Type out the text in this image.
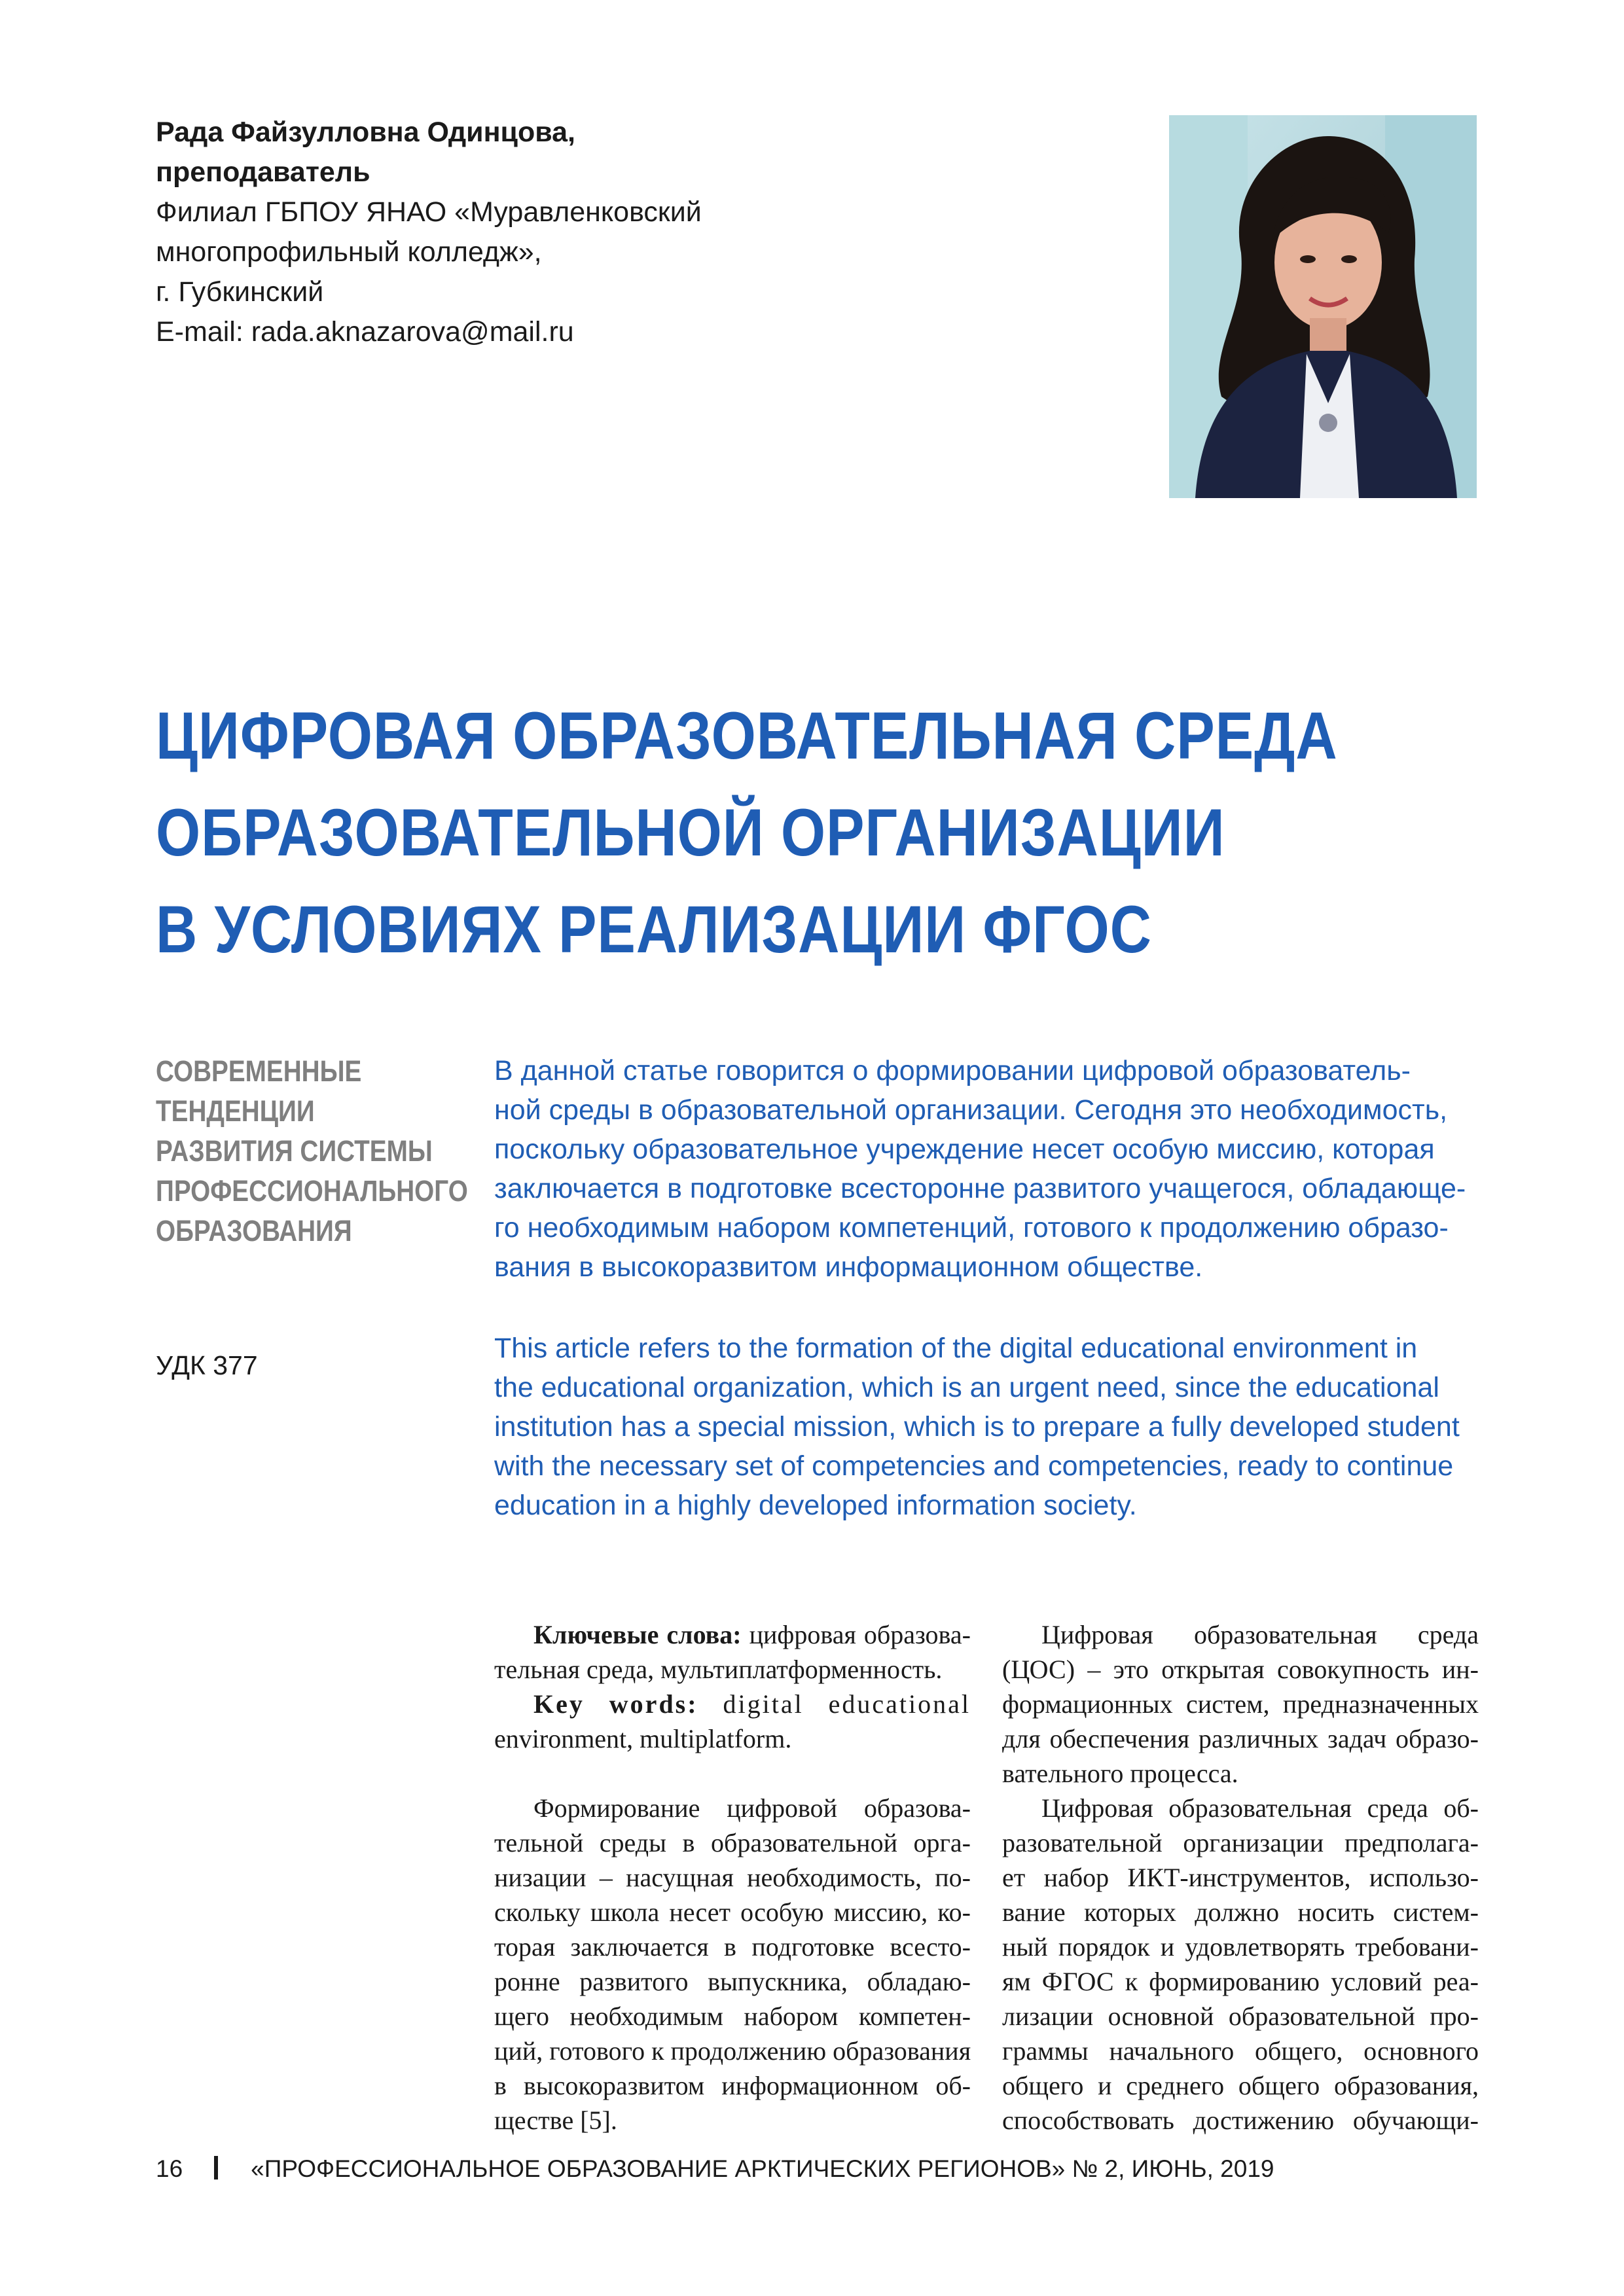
Рада Файзулловна Одинцова,
преподаватель
Филиал ГБПОУ ЯНАО «Муравленковский
многопрофильный колледж»,
г. Губкинский
E-mail: rada.aknazarova@mail.ru
ЦИФРОВАЯ ОБРАЗОВАТЕЛЬНАЯ СРЕДА
ОБРАЗОВАТЕЛЬНОЙ ОРГАНИЗАЦИИ
В УСЛОВИЯХ РЕАЛИЗАЦИИ ФГОС
СОВРЕМЕННЫЕ
ТЕНДЕНЦИИ
РАЗВИТИЯ СИСТЕМЫ
ПРОФЕССИОНАЛЬНОГО
ОБРАЗОВАНИЯ
УДК 377
В данной статье говорится о формировании цифровой образователь-
ной среды в образовательной организации. Сегодня это необходимость,
поскольку образовательное учреждение несет особую миссию, которая
заключается в подготовке всесторонне развитого учащегося, обладающе-
го необходимым набором компетенций, готового к продолжению образо-
вания в высокоразвитом информационном обществе.
This article refers to the formation of the digital educational environment in
the educational organization, which is an urgent need, since the educational
institution has a special mission, which is to prepare a fully developed student
with the necessary set of competencies and competencies, ready to continue
education in a highly developed information society.
Ключевые слова: цифровая образова-
тельная среда, мультиплатформенность.
Key words: digital educational
environment, multiplatform.
Формирование цифровой образова-
тельной среды в образовательной орга-
низации – насущная необходимость, по-
скольку школа несет особую миссию, ко-
торая заключается в подготовке всесто-
ронне развитого выпускника, обладаю-
щего необходимым набором компетен-
ций, готового к продолжению образования
в высокоразвитом информационном об-
ществе [5].
Цифровая образовательная среда
(ЦОС) – это открытая совокупность ин-
формационных систем, предназначенных
для обеспечения различных задач образо-
вательного процесса.
Цифровая образовательная среда об-
разовательной организации предполага-
ет набор ИКТ-инструментов, использо-
вание которых должно носить систем-
ный порядок и удовлетворять требовани-
ям ФГОС к формированию условий реа-
лизации основной образовательной про-
граммы начального общего, основного
общего и среднего общего образования,
способствовать достижению обучающи-
16	«ПРОФЕССИОНАЛЬНОЕ ОБРАЗОВАНИЕ АРКТИЧЕСКИХ РЕГИОНОВ» № 2, ИЮНЬ, 2019
